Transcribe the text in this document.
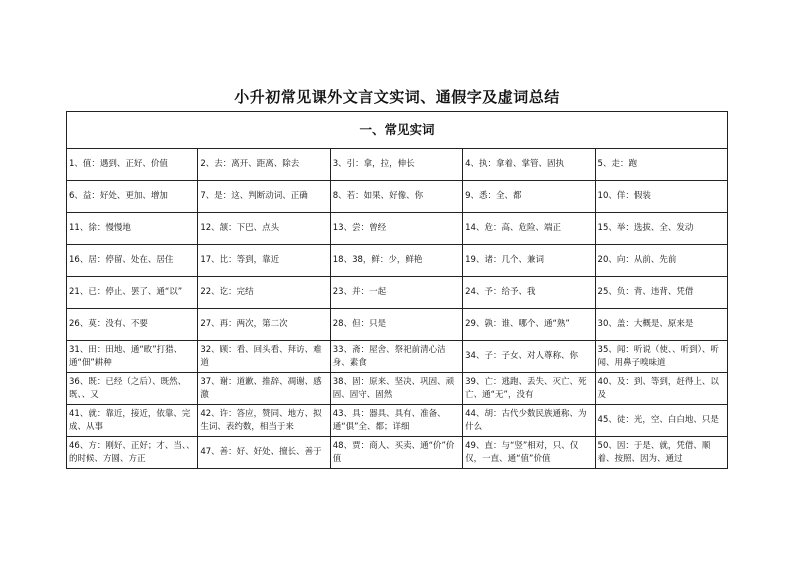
小升初常见课外文言文实词、通假字及虚词总结
一、常见实词				
1、值：遇到、正好、价值	2、去：离开、距离、除去	3、引：拿，拉，伸长	4、执：拿着、掌管、固执	5、走：跑
6、益：好处、更加、增加	7、是：这、判断动词、正确	8、若：如果、好像、你	9、悉：全、都	10、佯：假装
11、徐：慢慢地	12、颔：下巴、点头	13、尝：曾经	14、危：高、危险、端正	15、举：选拔、全、发动
16、居：停留、处在、居住	17、比：等到，靠近	18、38，鲜：少，鲜艳	19、诸：几个、兼词	20、向：从前、先前
21、已：停止、罢了、通“以”	22、讫：完结	23、并：一起	24、予：给予、我	25、负：背、违背、凭借
26、莫：没有、不要	27、再：两次，第二次	28、但：只是	29、孰：谁、哪个、通“熟”	30、盖：大概是、原来是
31、田：田地、通“畋”打猎、通“佃”耕种	32、顾：看、回头看、拜访、难道	33、斋：屋舍、祭祀前清心洁身、素食	34、子：子女、对人尊称、你	35、闻：听说（使、、听到）、听闻、用鼻子嗅味道
36、既：已经（之后）、既然、既、、又	37、谢：道歉、推辞、凋谢、感激	38、固：原来、坚决、巩固、顽固、固守、固然	39、亡：逃跑、丢失、灭亡、死亡、通“无”，没有	40、及：到、等到，赶得上、以及
41、就：靠近，接近，依靠、完成、从事	42、许：答应，赞同、地方、拟生词、表约数，相当于来	43、具：器具、具有、准备、通“俱”全、都；详细	44、胡：古代少数民族通称、为什么	45、徒：光，空、白白地、只是
46、方：刚好、正好；才、当、、的时候、方圆、方正	47、善：好、好处、擅长、善于	48、贾：商人、买卖、通“价”价值	49、直：与“竖”相对，只、仅仅，一直、通“值”价值	50、因：于是、就，凭借、顺着、按照、因为、通过
